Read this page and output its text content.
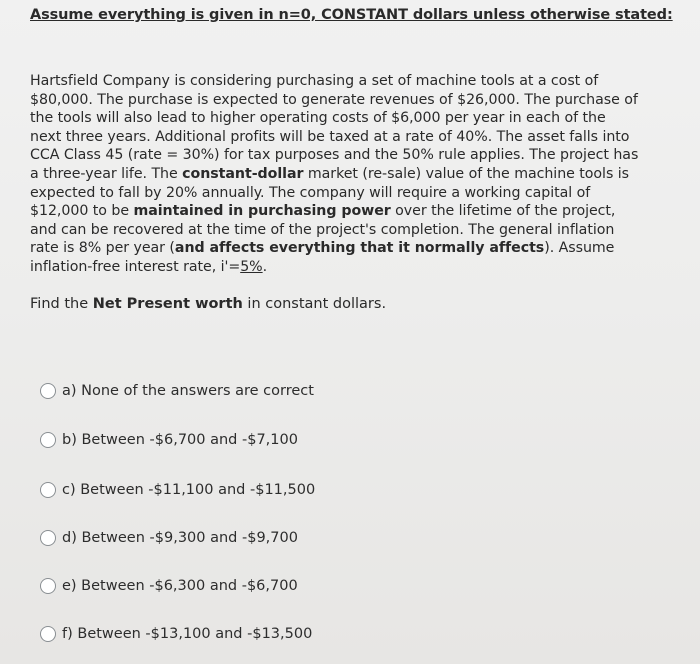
Assume everything is given in n=0, CONSTANT dollars unless otherwise stated:
Hartsfield Company is considering purchasing a set of machine tools at a cost of $80,000. The purchase is expected to generate revenues of $26,000. The purchase of the tools will also lead to higher operating costs of $6,000 per year in each of the next three years. Additional profits will be taxed at a rate of 40%. The asset falls into CCA Class 45 (rate = 30%) for tax purposes and the 50% rule applies. The project has a three-year life. The constant-dollar market (re-sale) value of the machine tools is expected to fall by 20% annually. The company will require a working capital of $12,000 to be maintained in purchasing power over the lifetime of the project, and can be recovered at the time of the project's completion. The general inflation rate is 8% per year (and affects everything that it normally affects). Assume inflation-free interest rate, i'=5%.
Find the Net Present worth in constant dollars.
a) None of the answers are correct
b) Between -$6,700 and -$7,100
c) Between -$11,100 and -$11,500
d) Between -$9,300 and -$9,700
e) Between -$6,300 and -$6,700
f) Between -$13,100 and -$13,500
